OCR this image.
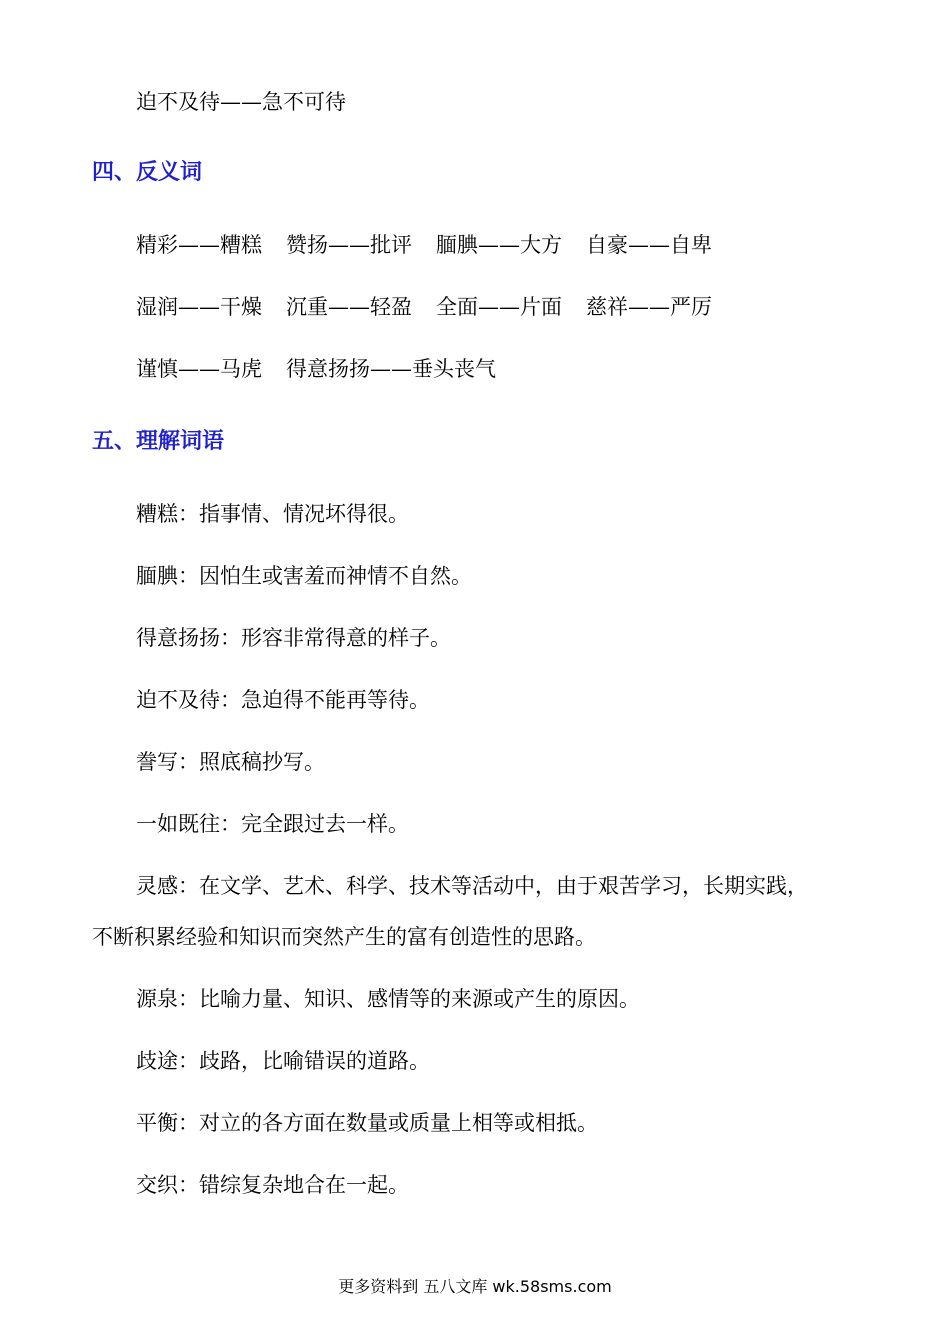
迫不及待——急不可待
四、反义词
精彩——糟糕 赞扬——批评 腼腆——大方 自豪——自卑
湿润——干燥 沉重——轻盈 全面——片面 慈祥——严厉
谨慎——马虎 得意扬扬——垂头丧气
五、理解词语
糟糕：指事情、情况坏得很。
腼腆：因怕生或害羞而神情不自然。
得意扬扬：形容非常得意的样子。
迫不及待：急迫得不能再等待。
誊写：照底稿抄写。
一如既往：完全跟过去一样。
灵感：在文学、艺术、科学、技术等活动中，由于艰苦学习，长期实践，
不断积累经验和知识而突然产生的富有创造性的思路。
源泉：比喻力量、知识、感情等的来源或产生的原因。
歧途：歧路，比喻错误的道路。
平衡：对立的各方面在数量或质量上相等或相抵。
交织：错综复杂地合在一起。
更多资料到 五八文库 wk.58sms.com
